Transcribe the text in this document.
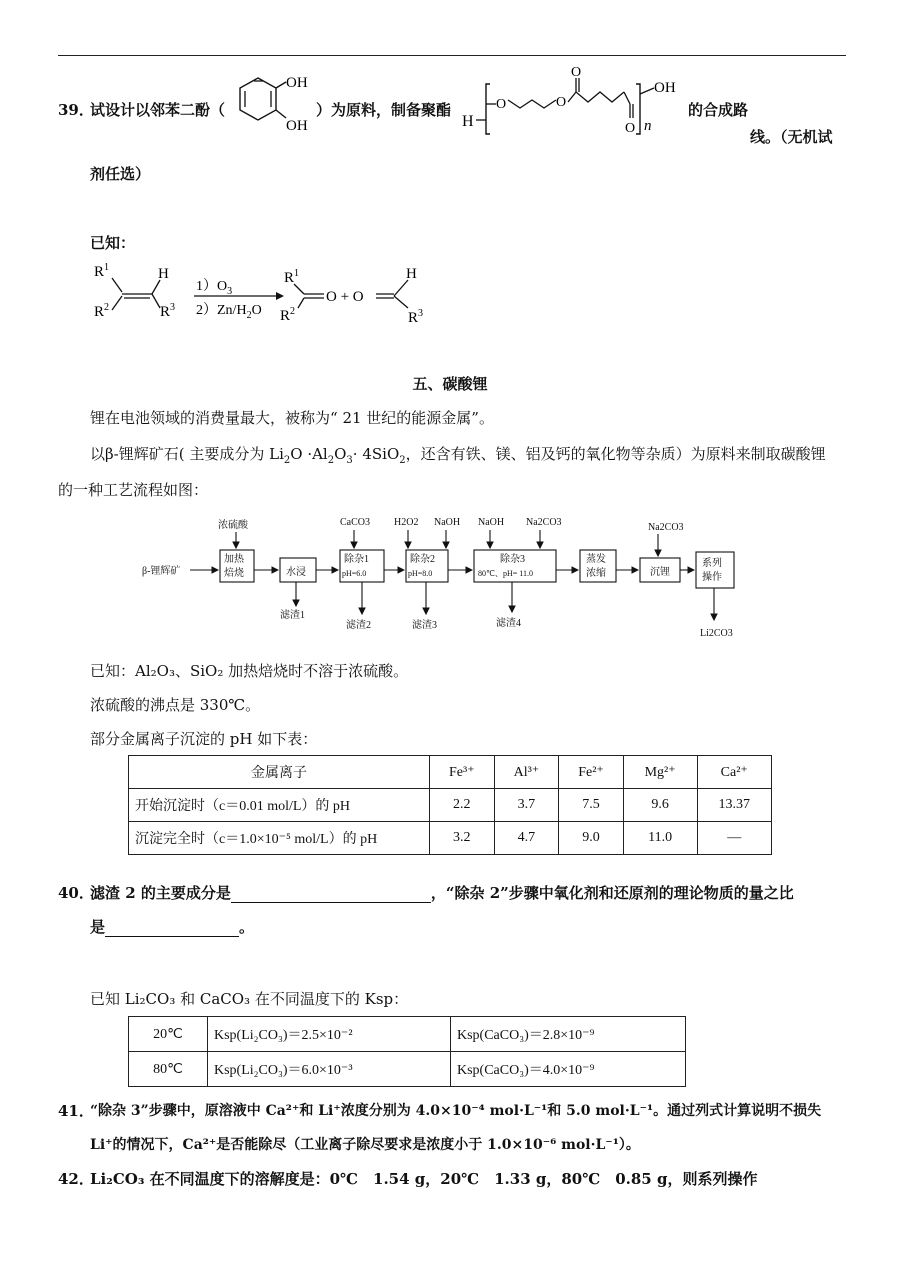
39．
试设计以邻苯二酚（
OH
OH
）为原料，制备聚酯
H
O	O
O
O
OH
n
的合成路
线。（无机试
剂任选）
已知：
$R^1$
$R^2$
H
$R^3$
$1)O_3$
$2)Zn/H_2O$
$R^1$
$R^2$
O + O
H
$R^3$
五、碳酸锂
锂在电池领域的消费量最大，被称为“ 21 世纪的能源金属”。
以β-锂辉矿石( 主要成分为 $Li_2O \cdot Al_2O_3\cdot 4SiO_2$，还含有铁、镁、铝及钙的氧化物等杂质）为原料来制取碳酸锂
的一种工艺流程如图：
β-锂辉矿
浓硫酸	CaCO3 H2O2 NaOH NaOH Na2CO3	Na2CO3
加热
焙烧	水浸
除杂1
pH=6.0
除杂2
pH=8.0
除杂3
80℃、pH= 11.0
蒸发
浓缩	沉锂
系列
操作
滤渣1
滤渣2	滤渣3	滤渣4
Li2CO3
已知：Al₂O₃、SiO₂ 加热焙烧时不溶于浓硫酸。
浓硫酸的沸点是 330℃。
部分金属离子沉淀的 pH 如下表：
金属离子	Fe³⁺	Al³⁺	Fe²⁺	Mg²⁺	Ca²⁺
开始沉淀时（c＝0.01 mol/L）的 pH	2.2	3.7	7.5	9.6	13.37
沉淀完全时（c＝1.0×10⁻⁵ mol/L）的 pH	3.2	4.7	9.0	11.0	—
40．
滤渣 2 的主要成分是	，“除杂 2”步骤中氧化剂和还原剂的理论物质的量之比
是	。
已知 Li₂CO₃ 和 CaCO₃ 在不同温度下的 Ksp：
20℃	Ksp(Li₂CO₃)＝2.5×10⁻²	Ksp(CaCO₃)＝2.8×10⁻⁹
80℃	Ksp(Li₂CO₃)＝6.0×10⁻³	Ksp(CaCO₃)＝4.0×10⁻⁹
41．
“除杂 3”步骤中，原溶液中 Ca²⁺和 Li⁺浓度分别为 4.0×10⁻⁴ mol·L⁻¹和 5.0 mol·L⁻¹。通过列式计算说明不损失
Li⁺的情况下，Ca²⁺是否能除尽（工业离子除尽要求是浓度小于 1.0×10⁻⁶ mol·L⁻¹）。
42．
Li₂CO₃ 在不同温度下的溶解度是：0℃　1.54 g，20℃　1.33 g，80℃　0.85 g，则系列操作
